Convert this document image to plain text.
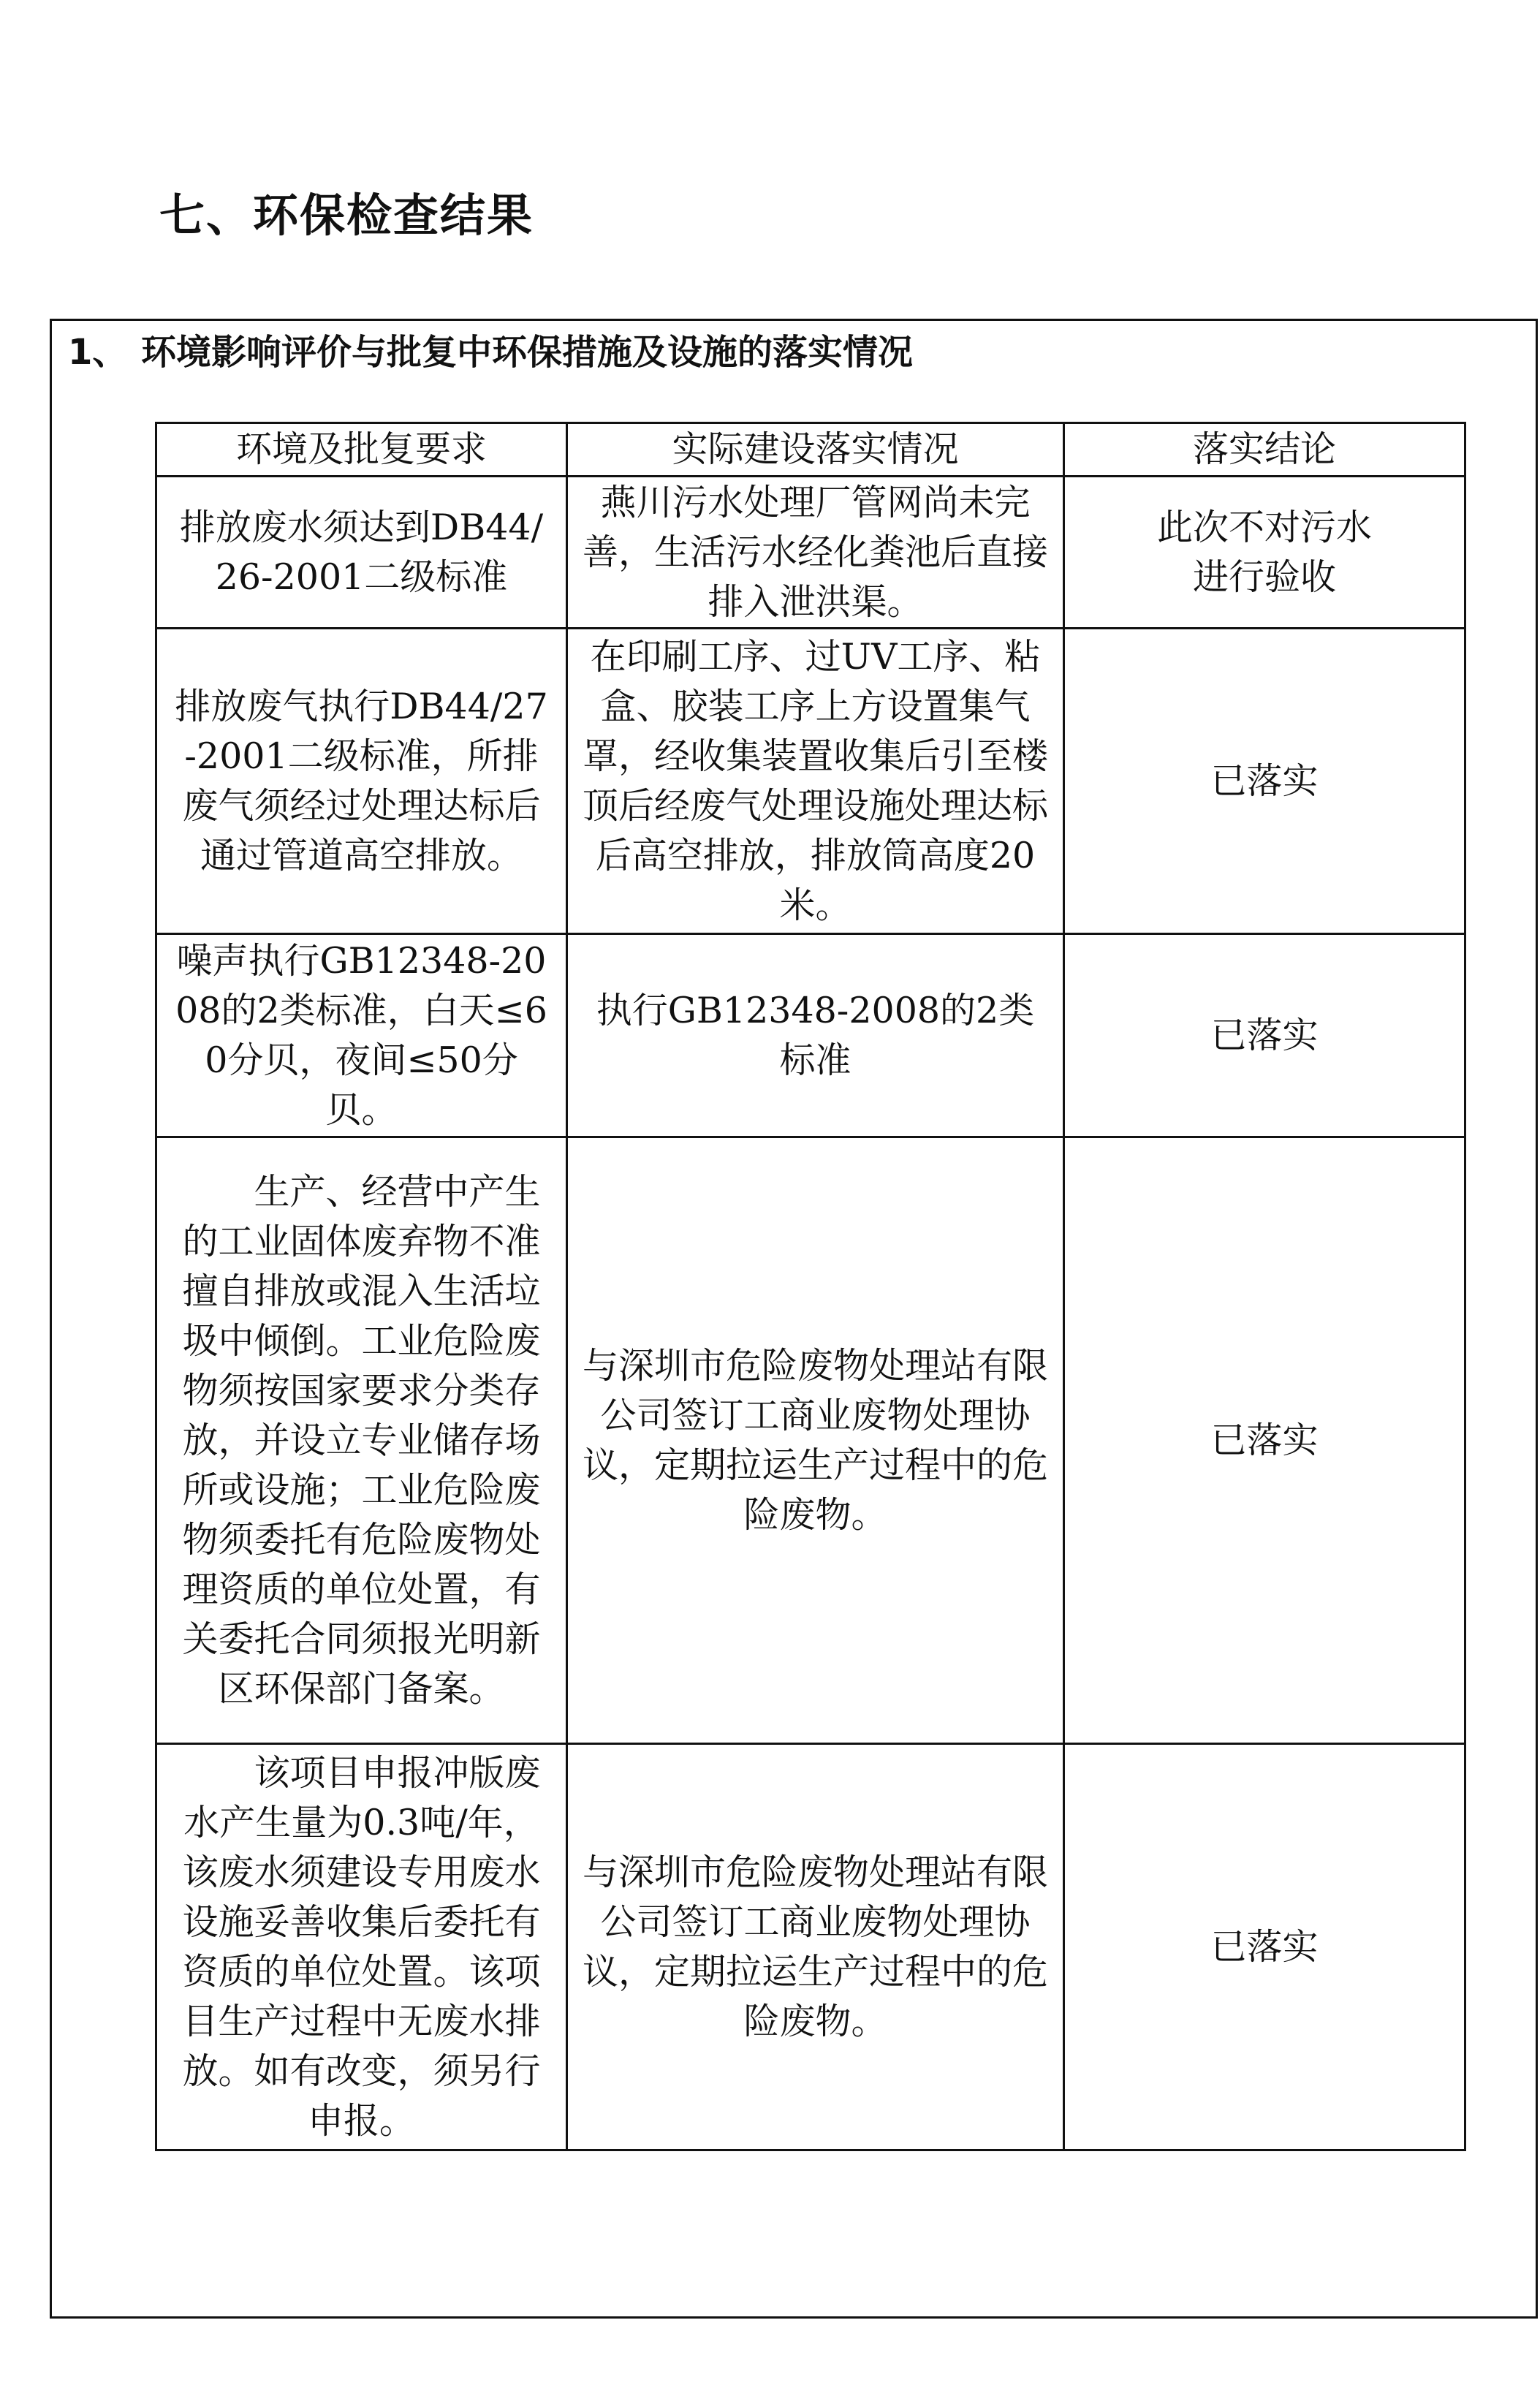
七、环保检查结果
1、 环境影响评价与批复中环保措施及设施的落实情况
环境及批复要求	实际建设落实情况	落实结论

排放废水须达到DB44/26-2001二级标准	燕川污水处理厂管网尚未完善，生活污水经化粪池后直接排入泄洪渠。	此次不对污水进行验收

排放废气执行DB44/27-2001二级标准，所排废气须经过处理达标后通过管道高空排放。	在印刷工序、过UV工序、粘盒、胶装工序上方设置集气罩，经收集装置收集后引至楼顶后经废气处理设施处理达标后高空排放，排放筒高度20米。	已落实

噪声执行GB12348-2008的2类标准，白天≤60分贝，夜间≤50分贝。	执行GB12348-2008的2类标准	已落实

生产、经营中产生的工业固体废弃物不准擅自排放或混入生活垃圾中倾倒。工业危险废物须按国家要求分类存放，并设立专业储存场所或设施；工业危险废物须委托有危险废物处理资质的单位处置，有关委托合同须报光明新区环保部门备案。	与深圳市危险废物处理站有限公司签订工商业废物处理协议，定期拉运生产过程中的危险废物。	已落实

该项目申报冲版废水产生量为0.3吨/年，该废水须建设专用废水设施妥善收集后委托有资质的单位处置。该项目生产过程中无废水排放。如有改变，须另行申报。	与深圳市危险废物处理站有限公司签订工商业废物处理协议，定期拉运生产过程中的危险废物。	已落实
